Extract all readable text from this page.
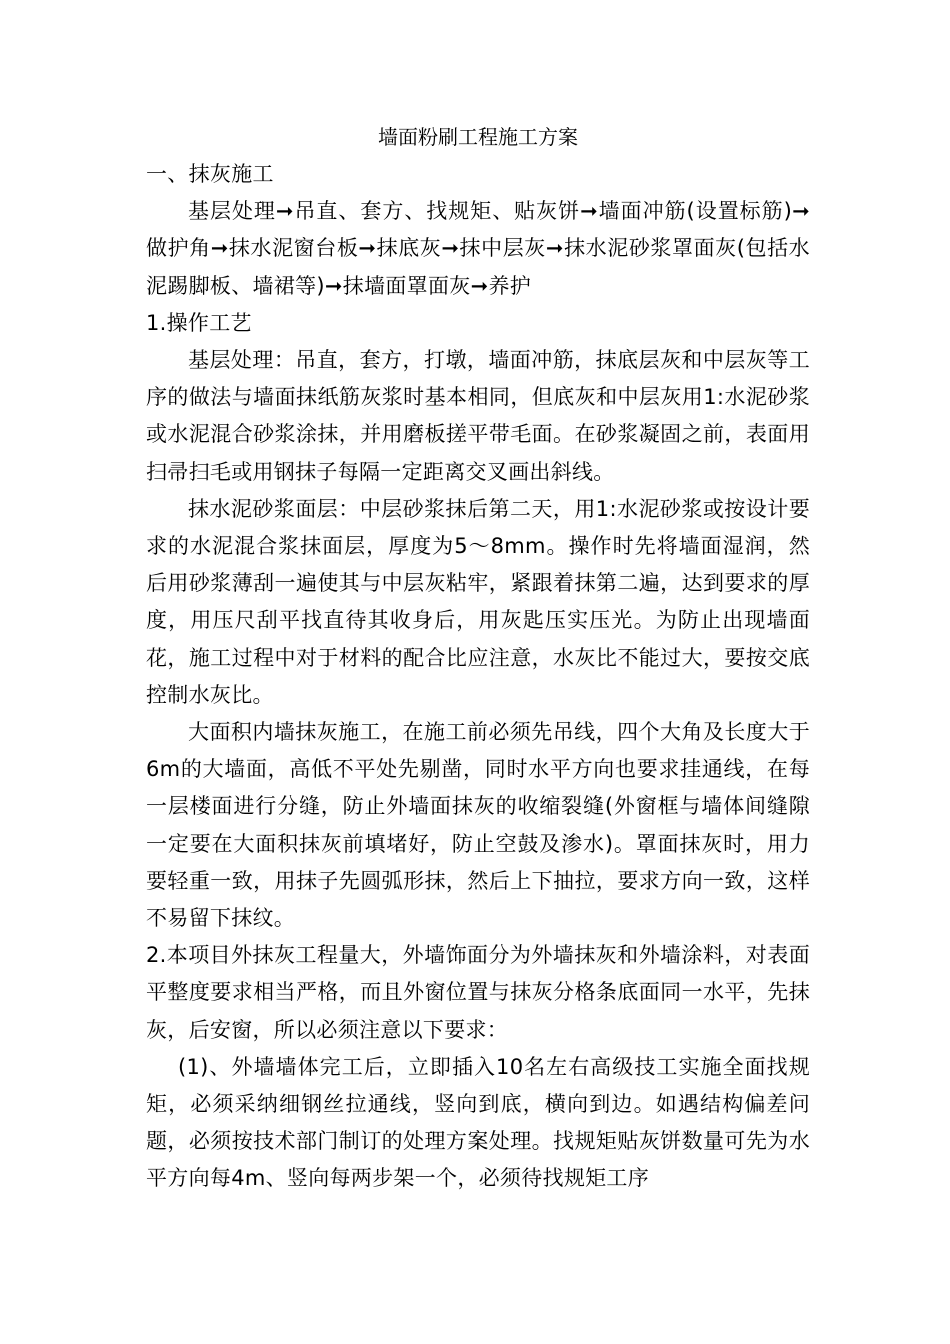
墙面粉刷工程施工方案

一、抹灰施工

基层处理➞吊直、套方、找规矩、贴灰饼➞墙面冲筋(设置标筋)➞做护角➞抹水泥窗台板➞抹底灰➞抹中层灰➞抹水泥砂浆罩面灰(包括水泥踢脚板、墙裙等)➞抹墙面罩面灰➞养护

1.操作工艺

基层处理：吊直，套方，打墩，墙面冲筋，抹底层灰和中层灰等工序的做法与墙面抹纸筋灰浆时基本相同，但底灰和中层灰用1:水泥砂浆或水泥混合砂浆涂抹，并用磨板搓平带毛面。在砂浆凝固之前，表面用扫帚扫毛或用钢抹子每隔一定距离交叉画出斜线。

抹水泥砂浆面层：中层砂浆抹后第二天，用1:水泥砂浆或按设计要求的水泥混合浆抹面层，厚度为5～8mm。操作时先将墙面湿润，然后用砂浆薄刮一遍使其与中层灰粘牢，紧跟着抹第二遍，达到要求的厚度，用压尺刮平找直待其收身后，用灰匙压实压光。为防止出现墙面花，施工过程中对于材料的配合比应注意，水灰比不能过大，要按交底控制水灰比。

大面积内墙抹灰施工，在施工前必须先吊线，四个大角及长度大于6m的大墙面，高低不平处先剔凿，同时水平方向也要求挂通线，在每一层楼面进行分缝，防止外墙面抹灰的收缩裂缝(外窗框与墙体间缝隙一定要在大面积抹灰前填堵好，防止空鼓及渗水)。罩面抹灰时，用力要轻重一致，用抹子先圆弧形抹，然后上下抽拉，要求方向一致，这样不易留下抹纹。

2.本项目外抹灰工程量大，外墙饰面分为外墙抹灰和外墙涂料，对表面平整度要求相当严格，而且外窗位置与抹灰分格条底面同一水平，先抹灰，后安窗，所以必须注意以下要求：

(1)、外墙墙体完工后，立即插入10名左右高级技工实施全面找规矩，必须采纳细钢丝拉通线，竖向到底，横向到边。如遇结构偏差问题，必须按技术部门制订的处理方案处理。找规矩贴灰饼数量可先为水平方向每4m、竖向每两步架一个，必须待找规矩工序
